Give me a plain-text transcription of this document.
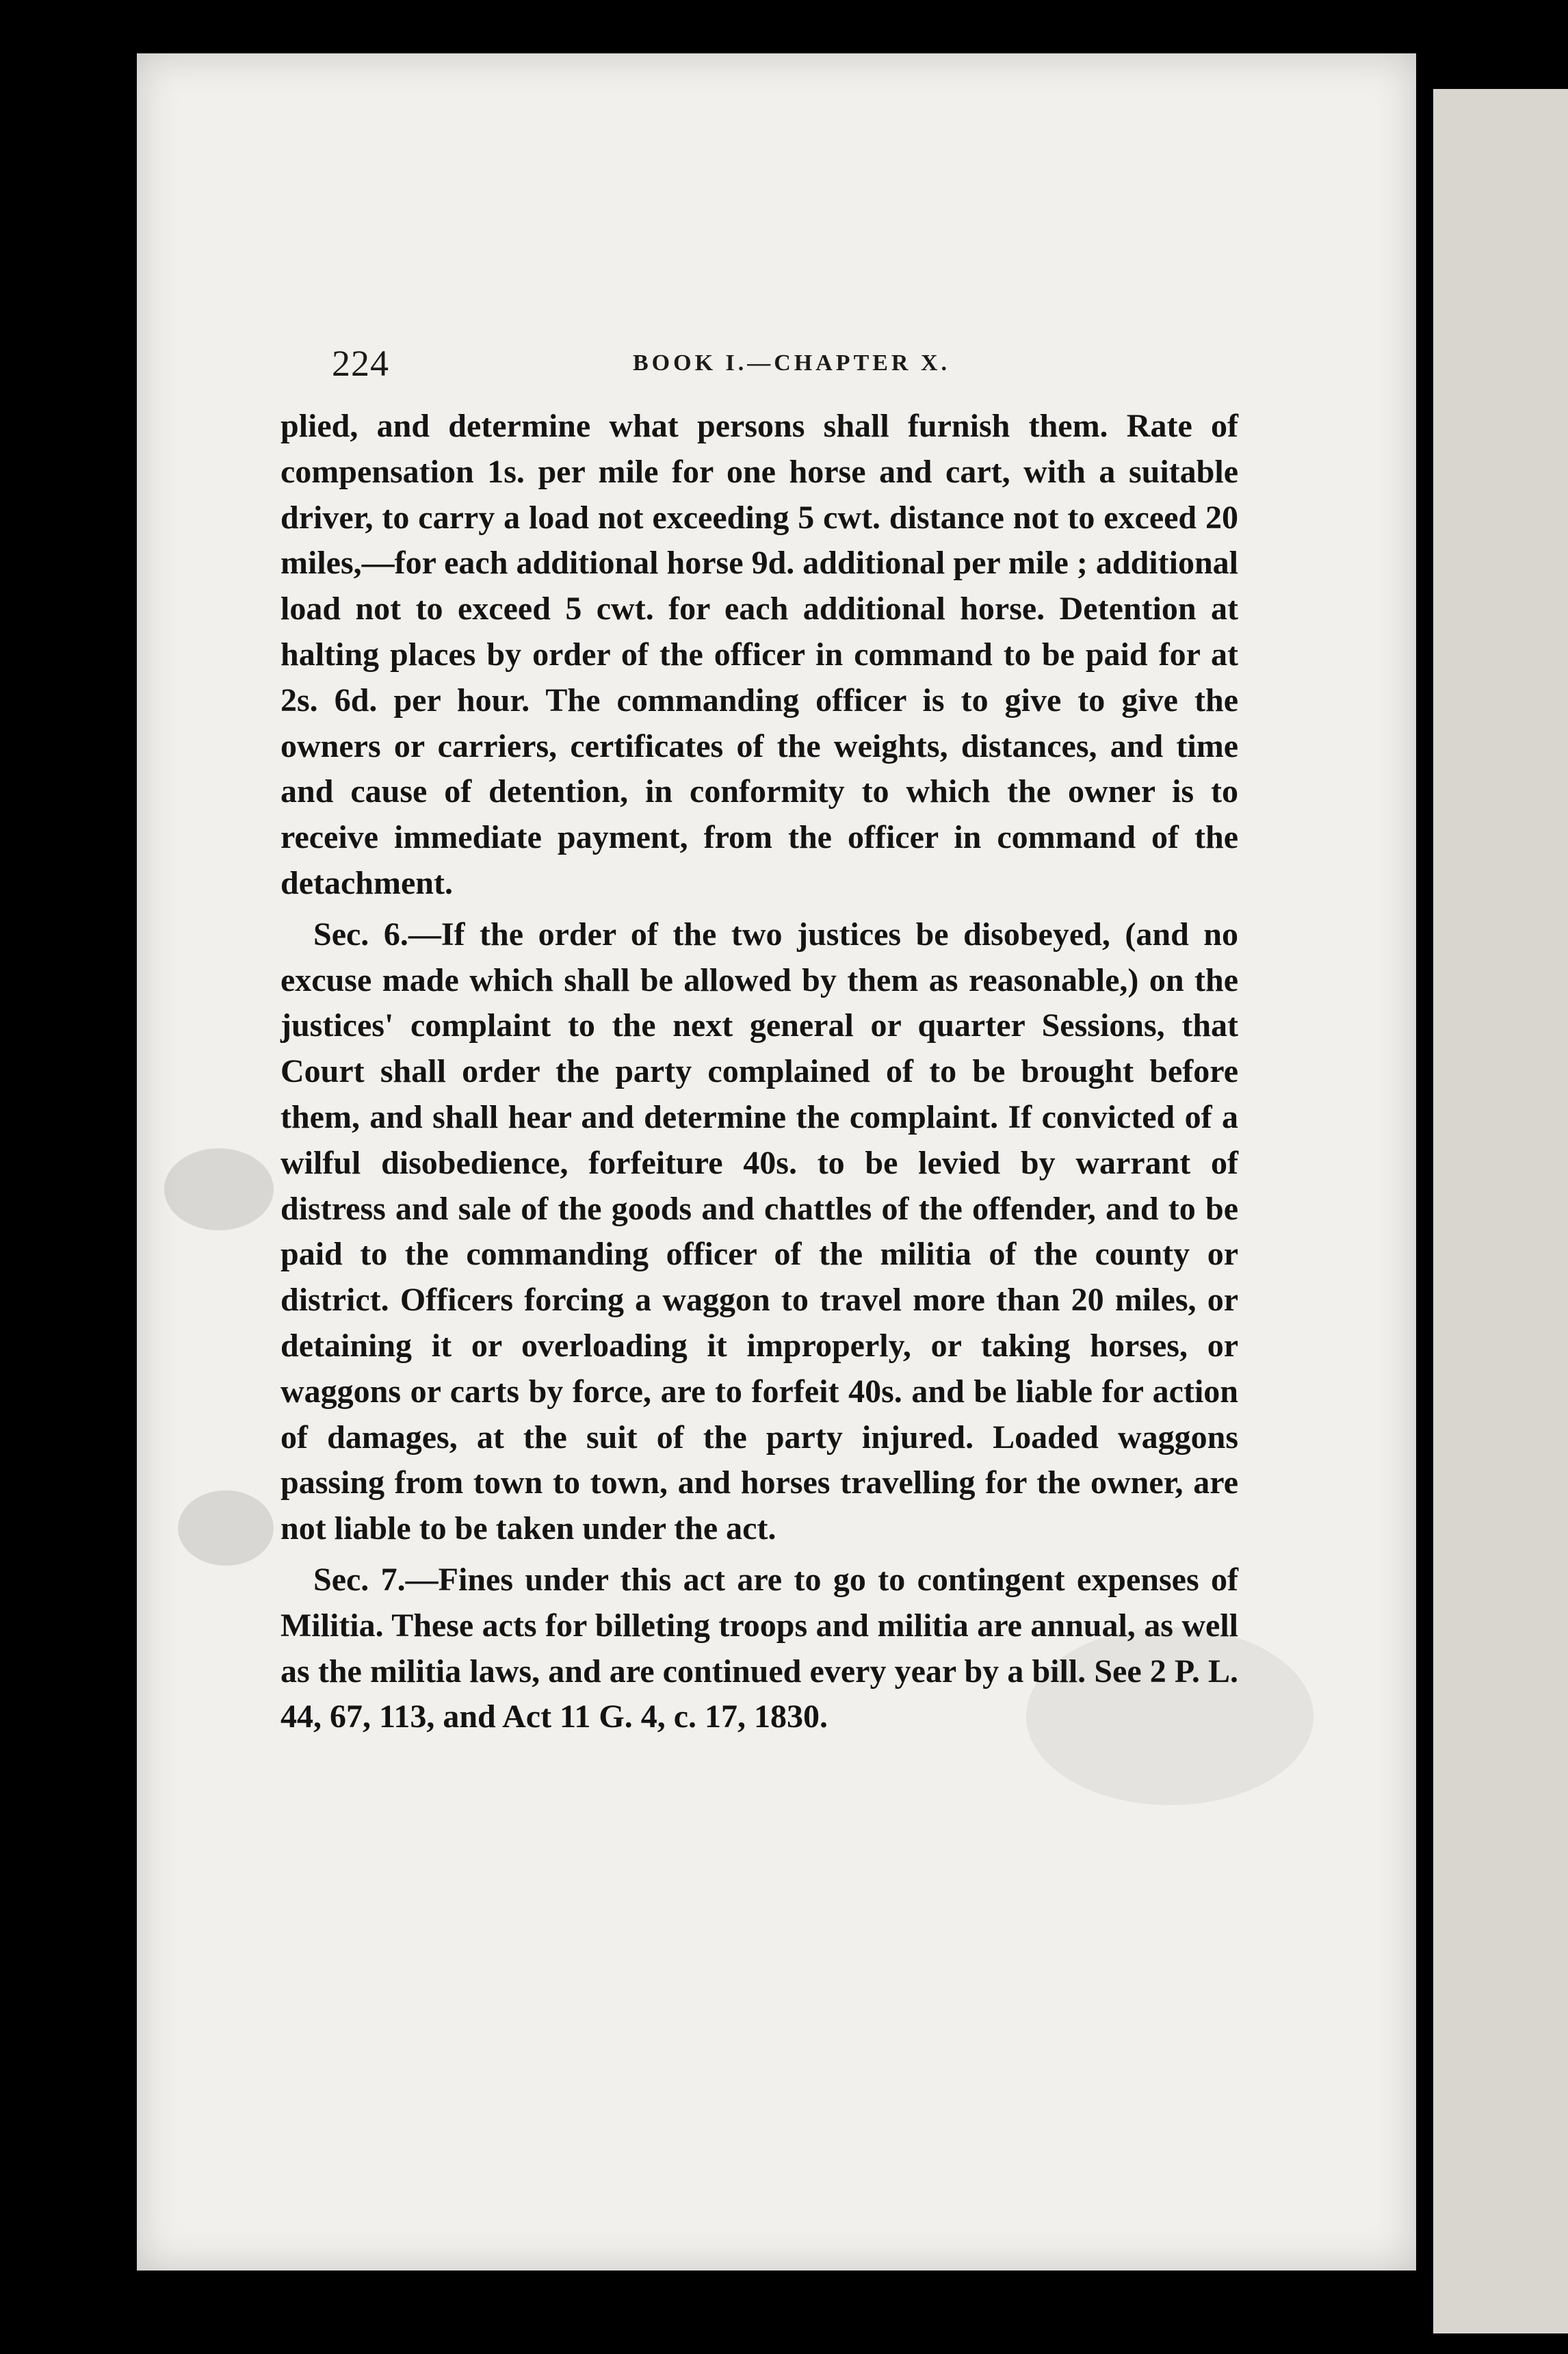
224	BOOK I.—CHAPTER X.

plied, and determine what persons shall furnish them. Rate of compensation 1s. per mile for one horse and cart, with a suitable driver, to carry a load not exceeding 5 cwt. distance not to exceed 20 miles,—for each additional horse 9d. additional per mile ; additional load not to exceed 5 cwt. for each additional horse. Detention at halting places by order of the officer in command to be paid for at 2s. 6d. per hour. The commanding officer is to give to give the owners or carriers, certificates of the weights, distances, and time and cause of detention, in conformity to which the owner is to receive immediate payment, from the officer in command of the detachment.

Sec. 6.—If the order of the two justices be disobeyed, (and no excuse made which shall be allowed by them as reasonable,) on the justices' complaint to the next general or quarter Sessions, that Court shall order the party complained of to be brought before them, and shall hear and determine the complaint. If convicted of a wilful disobedience, forfeiture 40s. to be levied by warrant of distress and sale of the goods and chattles of the offender, and to be paid to the commanding officer of the militia of the county or district. Officers forcing a waggon to travel more than 20 miles, or detaining it or overloading it improperly, or taking horses, or waggons or carts by force, are to forfeit 40s. and be liable for action of damages, at the suit of the party injured. Loaded waggons passing from town to town, and horses travelling for the owner, are not liable to be taken under the act.

Sec. 7.—Fines under this act are to go to contingent expenses of Militia. These acts for billeting troops and militia are annual, as well as the militia laws, and are continued every year by a bill. See 2 P. L. 44, 67, 113, and Act 11 G. 4, c. 17, 1830.
